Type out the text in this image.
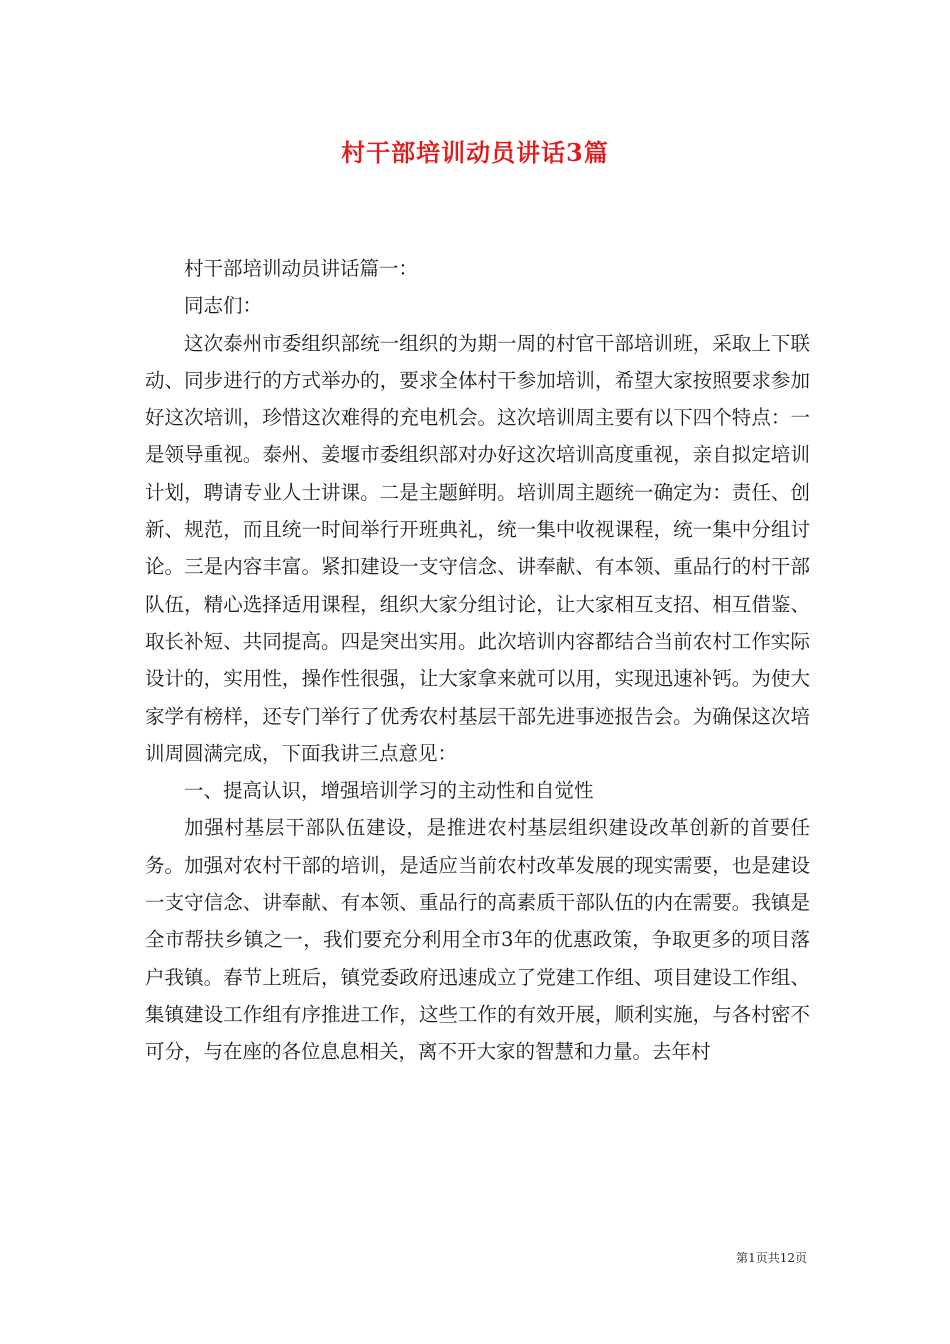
村干部培训动员讲话3篇

村干部培训动员讲话篇一：

同志们：

这次泰州市委组织部统一组织的为期一周的村官干部培训班，采取上下联动、同步进行的方式举办的，要求全体村干参加培训，希望大家按照要求参加好这次培训，珍惜这次难得的充电机会。这次培训周主要有以下四个特点：一是领导重视。泰州、姜堰市委组织部对办好这次培训高度重视，亲自拟定培训计划，聘请专业人士讲课。二是主题鲜明。培训周主题统一确定为：责任、创新、规范，而且统一时间举行开班典礼，统一集中收视课程，统一集中分组讨论。三是内容丰富。紧扣建设一支守信念、讲奉献、有本领、重品行的村干部队伍，精心选择适用课程，组织大家分组讨论，让大家相互支招、相互借鉴、取长补短、共同提高。四是突出实用。此次培训内容都结合当前农村工作实际设计的，实用性，操作性很强，让大家拿来就可以用，实现迅速补钙。为使大家学有榜样，还专门举行了优秀农村基层干部先进事迹报告会。为确保这次培训周圆满完成，下面我讲三点意见：

一、提高认识，增强培训学习的主动性和自觉性

加强村基层干部队伍建设，是推进农村基层组织建设改革创新的首要任务。加强对农村干部的培训，是适应当前农村改革发展的现实需要，也是建设一支守信念、讲奉献、有本领、重品行的高素质干部队伍的内在需要。我镇是全市帮扶乡镇之一，我们要充分利用全市3年的优惠政策，争取更多的项目落户我镇。春节上班后，镇党委政府迅速成立了党建工作组、项目建设工作组、集镇建设工作组有序推进工作，这些工作的有效开展，顺利实施，与各村密不可分，与在座的各位息息相关，离不开大家的智慧和力量。去年村

第1页共12页
